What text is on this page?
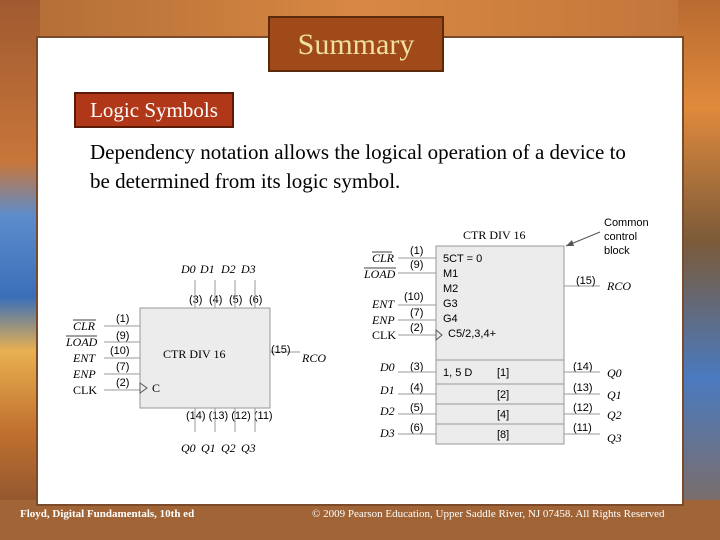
Summary
Logic Symbols
Dependency notation allows the logical operation of a device to be determined from its logic symbol.
D0 D1 D2 D3
(3) (4) (5) (6)
CLR
LOAD
ENT
ENP
CLK
(1)
(9)
(10)
(7)
(2)
CTR DIV 16
C
(15)
RCO
(14) (13) (12) (11)
Q0 Q1 Q2 Q3
CTR DIV 16
Common
control
block
CLR
LOAD
ENT
ENP
CLK
(1)
(9)
(10)
(7)
(2)
5CT = 0
M1
M2
G3
G4
C5/2,3,4+
(15) RCO
1, 5 D [1]
[2]
[4]
[8]
D0
D1
D2
D3
(3)
(4)
(5)
(6)
(14)
(13)
(12)
(11)
Q0
Q1
Q2
Q3
Floyd, Digital Fundamentals, 10th ed	© 2009 Pearson Education, Upper Saddle River, NJ 07458. All Rights Reserved
